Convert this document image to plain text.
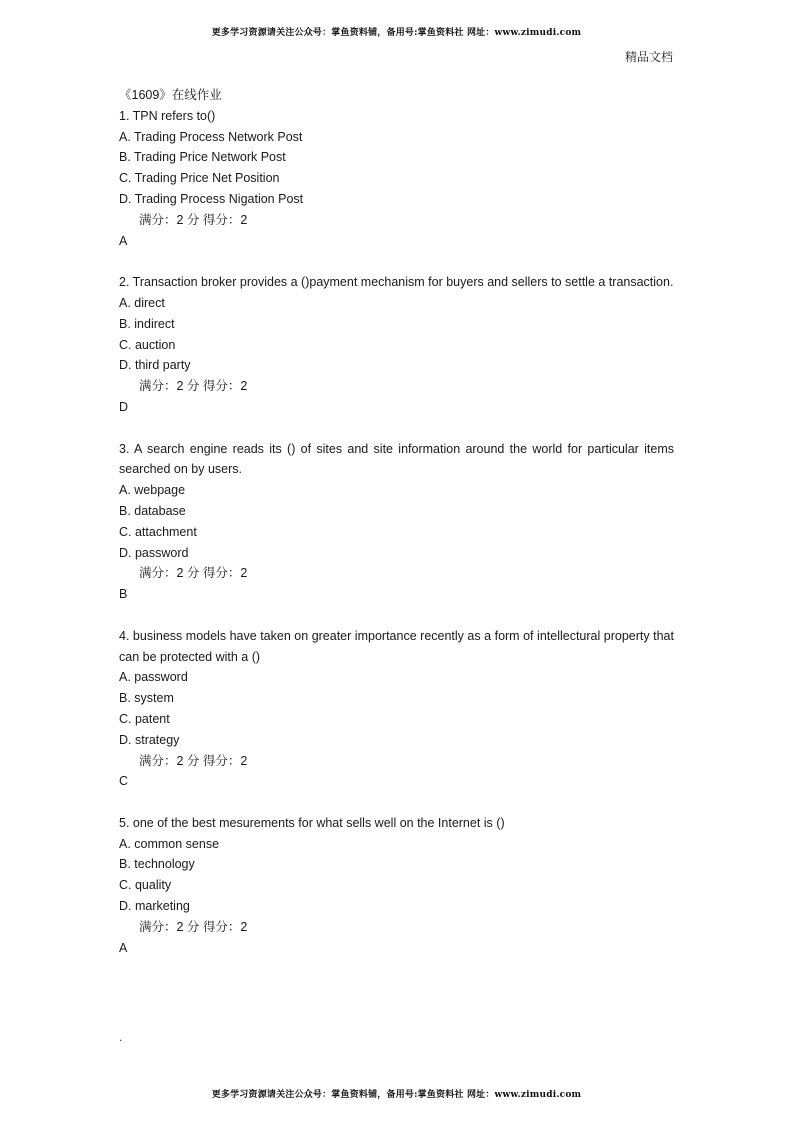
更多学习资源请关注公众号：掌鱼资料铺，备用号:掌鱼资料社 网址：www.zimudi.com
精品文档
《1609》在线作业
1. TPN refers to()
A. Trading Process Network Post
B. Trading Price Network Post
C. Trading Price Net Position
D. Trading Process Nigation Post
满分：2 分 得分：2
A
2. Transaction broker provides a ()payment mechanism for buyers and sellers to settle a transaction.
A. direct
B. indirect
C. auction
D. third party
满分：2 分 得分：2
D
3. A search engine reads its () of sites and site information around the world for particular items searched on by users.
A. webpage
B. database
C. attachment
D. password
满分：2 分 得分：2
B
4. business models have taken on greater importance recently as a form of intellectural property that can be protected with a ()
A. password
B. system
C. patent
D. strategy
满分：2 分 得分：2
C
5. one of the best mesurements for what sells well on the Internet is ()
A. common sense
B. technology
C. quality
D. marketing
满分：2 分 得分：2
A
.
更多学习资源请关注公众号：掌鱼资料铺，备用号:掌鱼资料社 网址：www.zimudi.com
